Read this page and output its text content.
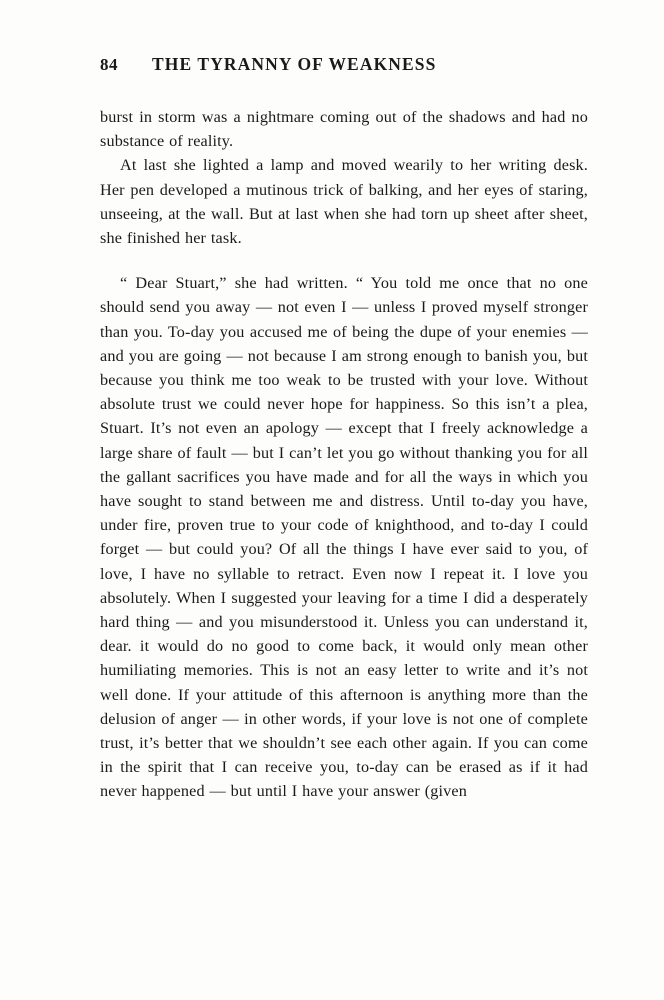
84	THE TYRANNY OF WEAKNESS

burst in storm was a nightmare coming out of the shadows and had no substance of reality.

At last she lighted a lamp and moved wearily to her writing desk. Her pen developed a mutinous trick of balking, and her eyes of staring, unseeing, at the wall. But at last when she had torn up sheet after sheet, she finished her task.

“ Dear Stuart,” she had written. “ You told me once that no one should send you away — not even I — unless I proved myself stronger than you. To-day you accused me of being the dupe of your enemies — and you are going — not because I am strong enough to banish you, but because you think me too weak to be trusted with your love. Without absolute trust we could never hope for happiness. So this isn’t a plea, Stuart. It’s not even an apology — except that I freely acknowledge a large share of fault — but I can’t let you go without thanking you for all the gallant sacrifices you have made and for all the ways in which you have sought to stand between me and distress. Until to-day you have, under fire, proven true to your code of knighthood, and to-day I could forget — but could you? Of all the things I have ever said to you, of love, I have no syllable to retract. Even now I repeat it. I love you absolutely. When I suggested your leaving for a time I did a desperately hard thing — and you misunderstood it. Unless you can understand it, dear. it would do no good to come back, it would only mean other humiliating memories. This is not an easy letter to write and it’s not well done. If your attitude of this afternoon is anything more than the delusion of anger — in other words, if your love is not one of complete trust, it’s better that we shouldn’t see each other again. If you can come in the spirit that I can receive you, to-day can be erased as if it had never happened — but until I have your answer (given
